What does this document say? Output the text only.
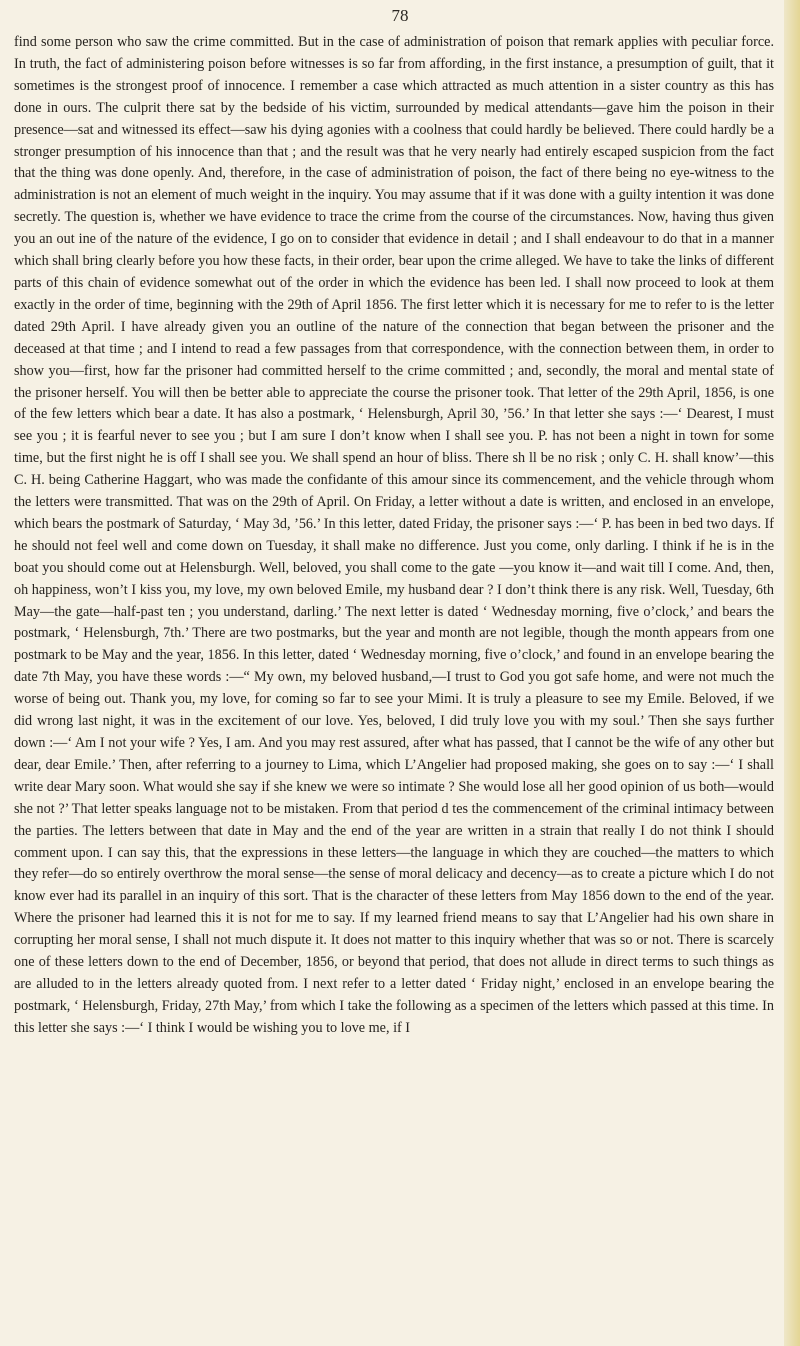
78

find some person who saw the crime committed. But in the case of administration of poison that remark applies with peculiar force. In truth, the fact of administering poison before witnesses is so far from affording, in the first instance, a presumption of guilt, that it sometimes is the strongest proof of innocence. I remember a case which attracted as much attention in a sister country as this has done in ours. The culprit there sat by the bedside of his victim, surrounded by medical attendants—gave him the poison in their presence—sat and witnessed its effect—saw his dying agonies with a coolness that could hardly be believed. There could hardly be a stronger presumption of his innocence than that ; and the result was that he very nearly had entirely escaped suspicion from the fact that the thing was done openly. And, therefore, in the case of administration of poison, the fact of there being no eye-witness to the administration is not an element of much weight in the inquiry. You may assume that if it was done with a guilty intention it was done secretly. The question is, whether we have evidence to trace the crime from the course of the circumstances. Now, having thus given you an out ine of the nature of the evidence, I go on to consider that evidence in detail ; and I shall endeavour to do that in a manner which shall bring clearly before you how these facts, in their order, bear upon the crime alleged. We have to take the links of different parts of this chain of evidence somewhat out of the order in which the evidence has been led. I shall now proceed to look at them exactly in the order of time, beginning with the 29th of April 1856. The first letter which it is necessary for me to refer to is the letter dated 29th April. I have already given you an outline of the nature of the connection that began between the prisoner and the deceased at that time ; and I intend to read a few passages from that correspondence, with the connection between them, in order to show you—first, how far the prisoner had committed herself to the crime committed ; and, secondly, the moral and mental state of the prisoner herself. You will then be better able to appreciate the course the prisoner took. That letter of the 29th April, 1856, is one of the few letters which bear a date. It has also a postmark, ‘ Helensburgh, April 30, ’56.’ In that letter she says :—‘ Dearest, I must see you ; it is fearful never to see you ; but I am sure I don’t know when I shall see you. P. has not been a night in town for some time, but the first night he is off I shall see you. We shall spend an hour of bliss. There sh ll be no risk ; only C. H. shall know’—this C. H. being Catherine Haggart, who was made the confidante of this amour since its commencement, and the vehicle through whom the letters were transmitted. That was on the 29th of April. On Friday, a letter without a date is written, and enclosed in an envelope, which bears the postmark of Saturday, ‘ May 3d, ’56.’ In this letter, dated Friday, the prisoner says :—‘ P. has been in bed two days. If he should not feel well and come down on Tuesday, it shall make no difference. Just you come, only darling. I think if he is in the boat you should come out at Helensburgh. Well, beloved, you shall come to the gate —you know it—and wait till I come. And, then, oh happiness, won’t I kiss you, my love, my own beloved Emile, my husband dear ? I don’t think there is any risk. Well, Tuesday, 6th May—the gate—half-past ten ; you understand, darling.’ The next letter is dated ‘ Wednesday morning, five o’clock,’ and bears the postmark, ‘ Helensburgh, 7th.’ There are two postmarks, but the year and month are not legible, though the month appears from one postmark to be May and the year, 1856. In this letter, dated ‘ Wednesday morning, five o’clock,’ and found in an envelope bearing the date 7th May, you have these words :—“ My own, my beloved husband,—I trust to God you got safe home, and were not much the worse of being out. Thank you, my love, for coming so far to see your Mimi. It is truly a pleasure to see my Emile. Beloved, if we did wrong last night, it was in the excitement of our love. Yes, beloved, I did truly love you with my soul.’ Then she says further down :—‘ Am I not your wife ? Yes, I am. And you may rest assured, after what has passed, that I cannot be the wife of any other but dear, dear Emile.’ Then, after referring to a journey to Lima, which L’Angelier had proposed making, she goes on to say :—‘ I shall write dear Mary soon. What would she say if she knew we were so intimate ? She would lose all her good opinion of us both—would she not ?’ That letter speaks language not to be mistaken. From that period d tes the commencement of the criminal intimacy between the parties. The letters between that date in May and the end of the year are written in a strain that really I do not think I should comment upon. I can say this, that the expressions in these letters—the language in which they are couched—the matters to which they refer—do so entirely overthrow the moral sense—the sense of moral delicacy and decency—as to create a picture which I do not know ever had its parallel in an inquiry of this sort. That is the character of these letters from May 1856 down to the end of the year. Where the prisoner had learned this it is not for me to say. If my learned friend means to say that L’Angelier had his own share in corrupting her moral sense, I shall not much dispute it. It does not matter to this inquiry whether that was so or not. There is scarcely one of these letters down to the end of December, 1856, or beyond that period, that does not allude in direct terms to such things as are alluded to in the letters already quoted from. I next refer to a letter dated ‘ Friday night,’ enclosed in an envelope bearing the postmark, ‘ Helensburgh, Friday, 27th May,’ from which I take the following as a specimen of the letters which passed at this time. In this letter she says :—‘ I think I would be wishing you to love me, if I
